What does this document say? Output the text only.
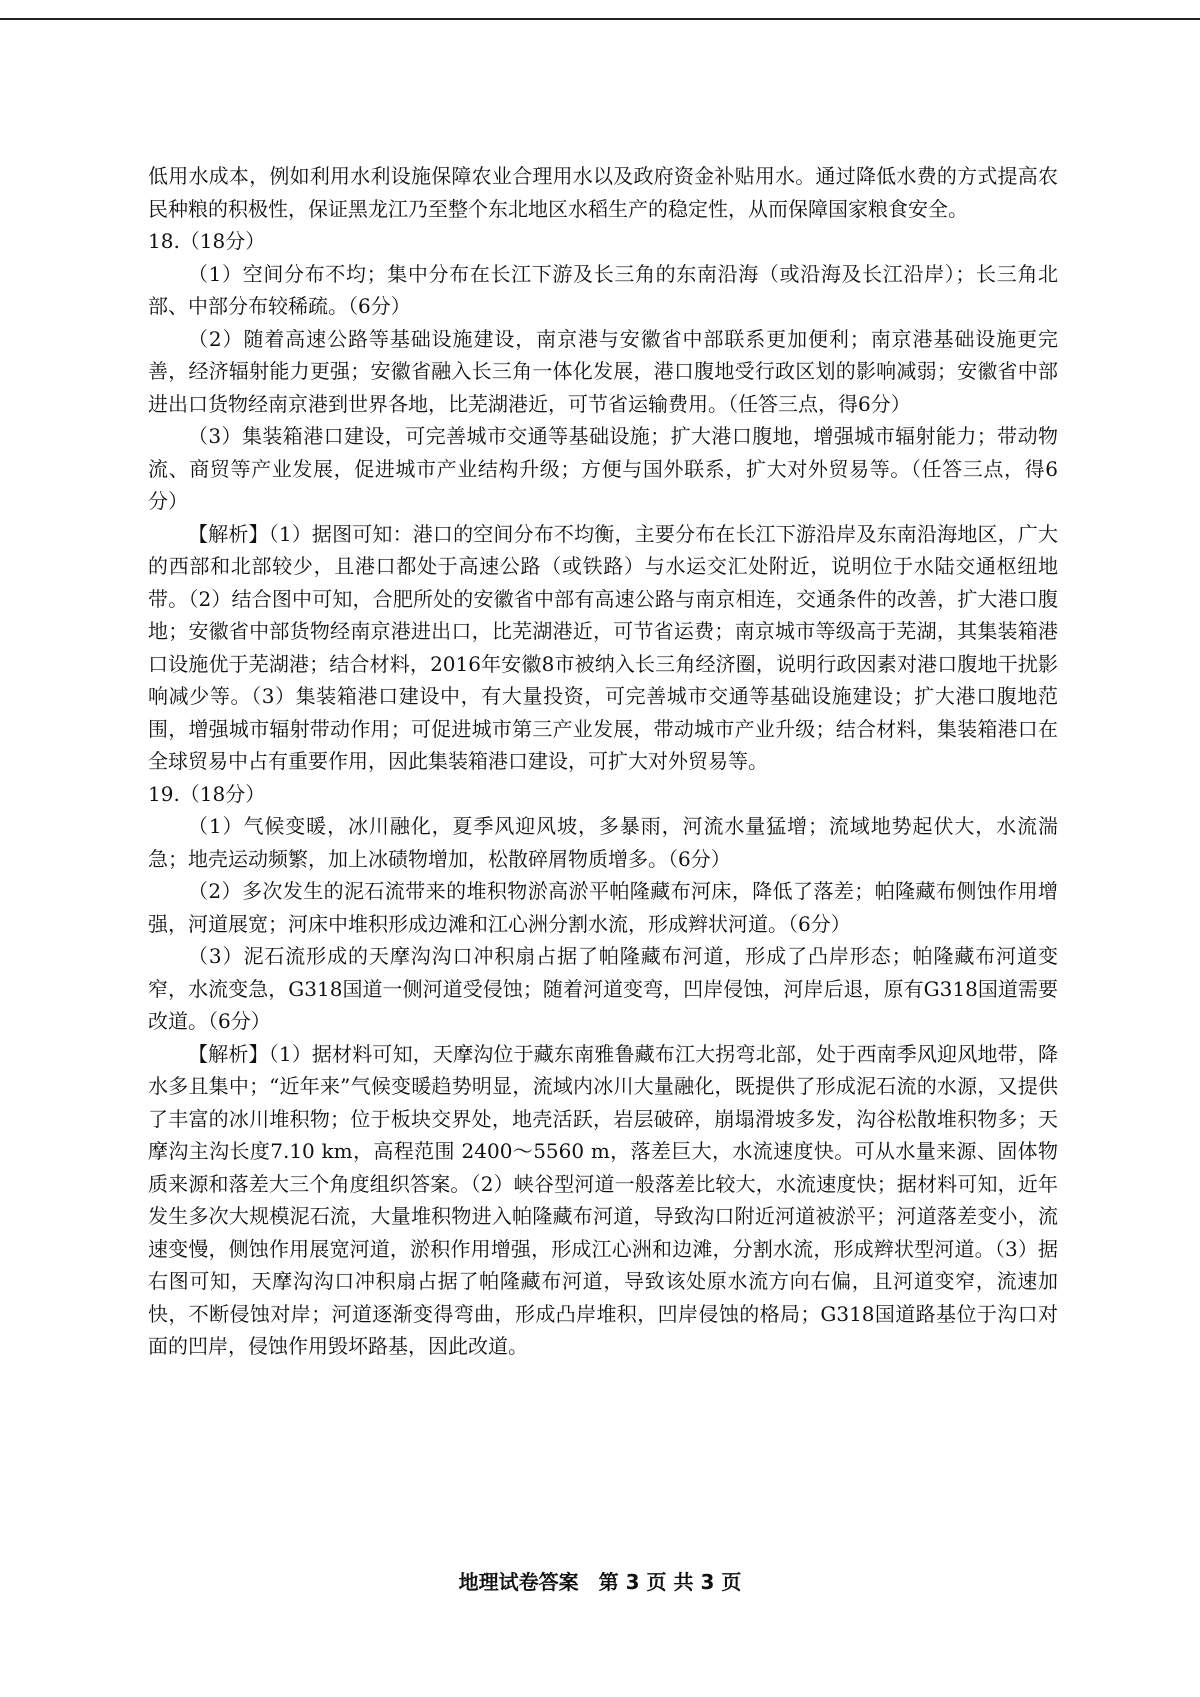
低用水成本，例如利用水利设施保障农业合理用水以及政府资金补贴用水。通过降低水费的方式提高农民种粮的积极性，保证黑龙江乃至整个东北地区水稻生产的稳定性，从而保障国家粮食安全。

18.（18分）

（1）空间分布不均；集中分布在长江下游及长三角的东南沿海（或沿海及长江沿岸）；长三角北部、中部分布较稀疏。（6分）

（2）随着高速公路等基础设施建设，南京港与安徽省中部联系更加便利；南京港基础设施更完善，经济辐射能力更强；安徽省融入长三角一体化发展，港口腹地受行政区划的影响减弱；安徽省中部进出口货物经南京港到世界各地，比芜湖港近，可节省运输费用。（任答三点，得6分）

（3）集装箱港口建设，可完善城市交通等基础设施；扩大港口腹地，增强城市辐射能力；带动物流、商贸等产业发展，促进城市产业结构升级；方便与国外联系，扩大对外贸易等。（任答三点，得6分）

【解析】（1）据图可知：港口的空间分布不均衡，主要分布在长江下游沿岸及东南沿海地区，广大的西部和北部较少，且港口都处于高速公路（或铁路）与水运交汇处附近，说明位于水陆交通枢纽地带。（2）结合图中可知，合肥所处的安徽省中部有高速公路与南京相连，交通条件的改善，扩大港口腹地；安徽省中部货物经南京港进出口，比芜湖港近，可节省运费；南京城市等级高于芜湖，其集装箱港口设施优于芜湖港；结合材料，2016年安徽8市被纳入长三角经济圈，说明行政因素对港口腹地干扰影响减少等。（3）集装箱港口建设中，有大量投资，可完善城市交通等基础设施建设；扩大港口腹地范围，增强城市辐射带动作用；可促进城市第三产业发展，带动城市产业升级；结合材料，集装箱港口在全球贸易中占有重要作用，因此集装箱港口建设，可扩大对外贸易等。

19.（18分）

（1）气候变暖，冰川融化，夏季风迎风坡，多暴雨，河流水量猛增；流域地势起伏大，水流湍急；地壳运动频繁，加上冰碛物增加，松散碎屑物质增多。（6分）

（2）多次发生的泥石流带来的堆积物淤高淤平帕隆藏布河床，降低了落差；帕隆藏布侧蚀作用增强，河道展宽；河床中堆积形成边滩和江心洲分割水流，形成辫状河道。（6分）

（3）泥石流形成的天摩沟沟口冲积扇占据了帕隆藏布河道，形成了凸岸形态；帕隆藏布河道变窄，水流变急，G318国道一侧河道受侵蚀；随着河道变弯，凹岸侵蚀，河岸后退，原有G318国道需要改道。（6分）

【解析】（1）据材料可知，天摩沟位于藏东南雅鲁藏布江大拐弯北部，处于西南季风迎风地带，降水多且集中；“近年来”气候变暖趋势明显，流域内冰川大量融化，既提供了形成泥石流的水源，又提供了丰富的冰川堆积物；位于板块交界处，地壳活跃，岩层破碎，崩塌滑坡多发，沟谷松散堆积物多；天摩沟主沟长度7.10 km，高程范围 2400～5560 m，落差巨大，水流速度快。可从水量来源、固体物质来源和落差大三个角度组织答案。（2）峡谷型河道一般落差比较大，水流速度快；据材料可知，近年发生多次大规模泥石流，大量堆积物进入帕隆藏布河道，导致沟口附近河道被淤平；河道落差变小，流速变慢，侧蚀作用展宽河道，淤积作用增强，形成江心洲和边滩，分割水流，形成辫状型河道。（3）据右图可知，天摩沟沟口冲积扇占据了帕隆藏布河道，导致该处原水流方向右偏，且河道变窄，流速加快，不断侵蚀对岸；河道逐渐变得弯曲，形成凸岸堆积，凹岸侵蚀的格局；G318国道路基位于沟口对面的凹岸，侵蚀作用毁坏路基，因此改道。

地理试卷答案　第 3 页 共 3 页
